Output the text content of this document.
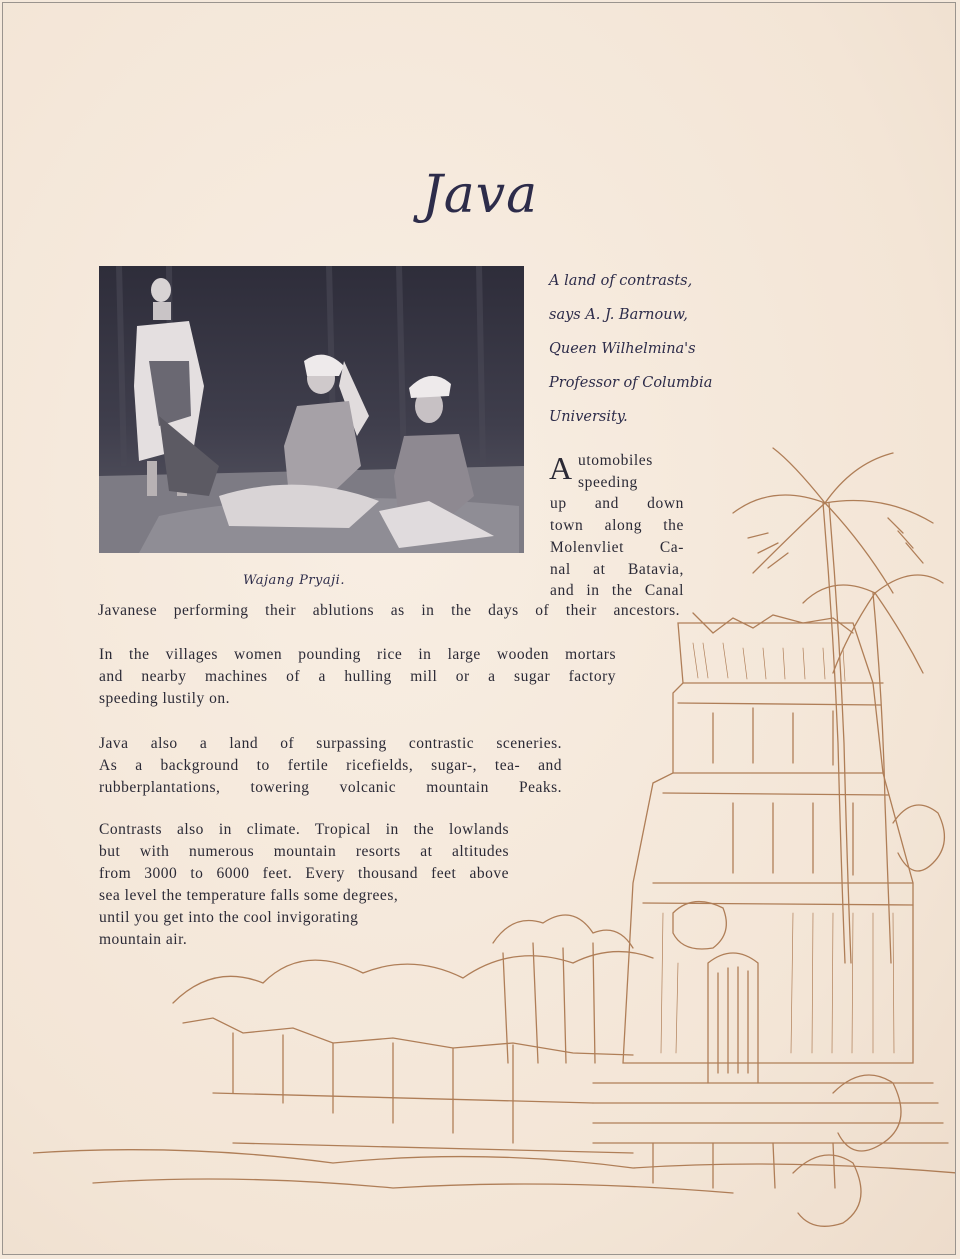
Java
Wajang Pryaji.
A land of contrasts,
says A. J. Barnouw,
Queen Wilhelmina's
Professor of Columbia
University.
A utomobiles
speeding
up and down
town along the
Molenvliet Ca-
nal at Batavia,
and in the Canal
Javanese performing their ablutions as in the days of their ancestors.
In the villages women pounding rice in large wooden mortars
and nearby machines of a hulling mill or a sugar factory
speeding lustily on.
Java also a land of surpassing contrastic sceneries.
As a background to fertile ricefields, sugar-, tea- and
rubberplantations, towering volcanic mountain Peaks.
Contrasts also in climate. Tropical in the lowlands
but with numerous mountain resorts at altitudes
from 3000 to 6000 feet. Every thousand feet above
sea level the temperature falls some degrees,
until you get into the cool invigorating
mountain air.
